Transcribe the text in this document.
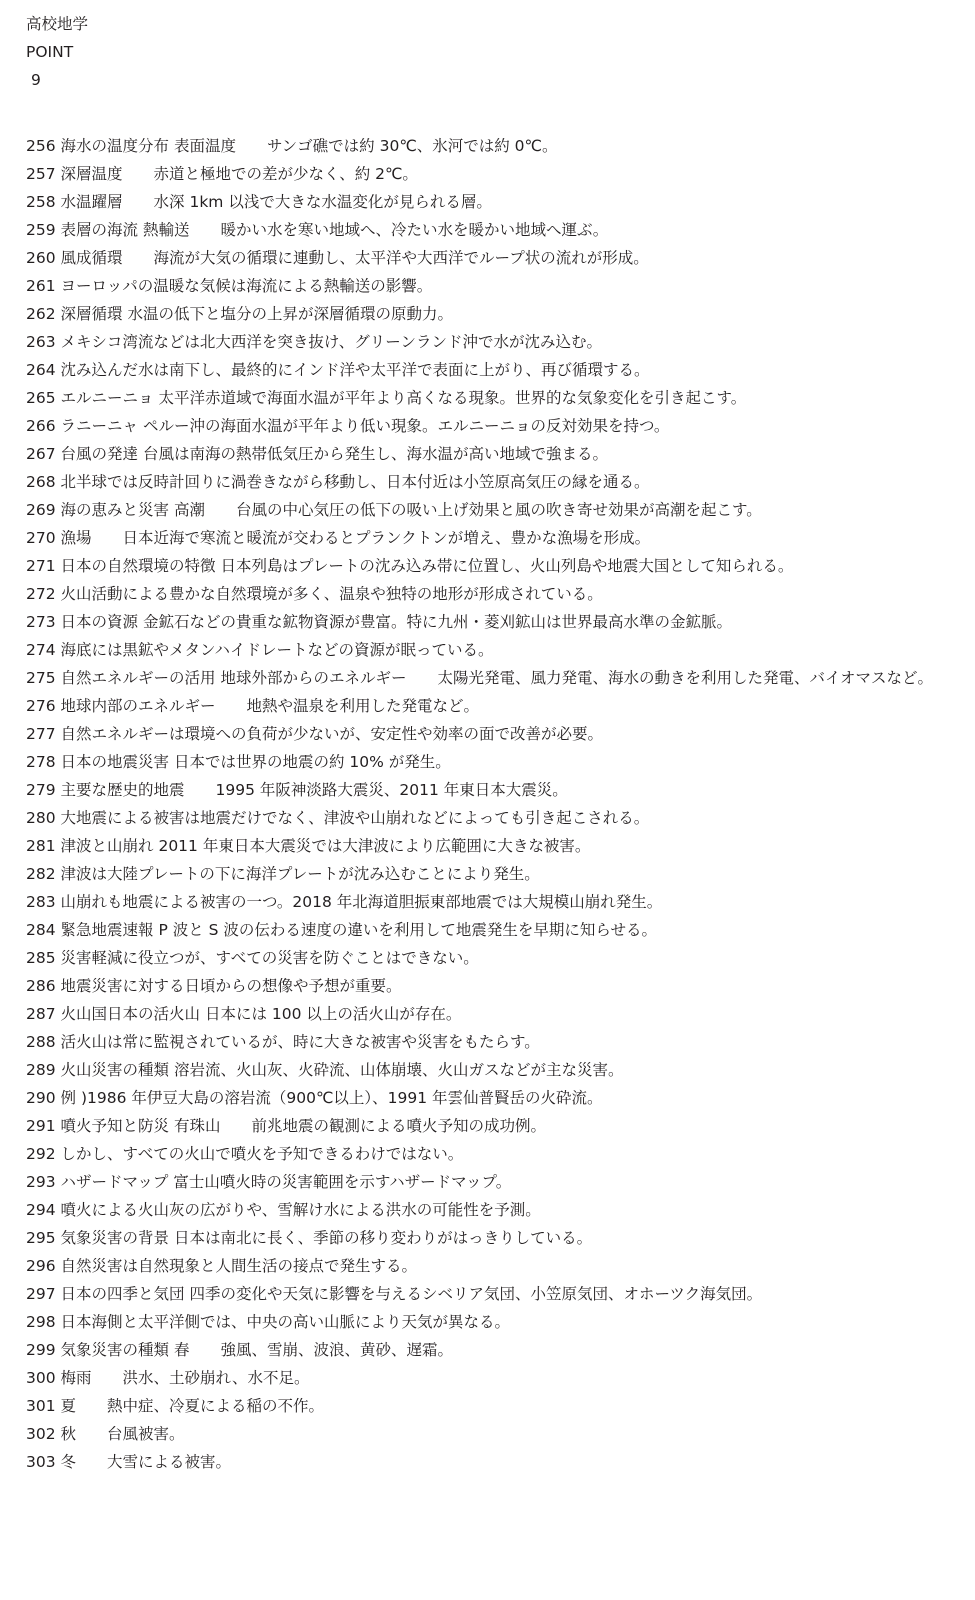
高校地学
POINT
9
256 海水の温度分布 表面温度　　サンゴ礁では約 30℃、氷河では約 0℃。
257 深層温度　　赤道と極地での差が少なく、約 2℃。
258 水温躍層　　水深 1km 以浅で大きな水温変化が見られる層。
259 表層の海流 熱輸送　　暖かい水を寒い地域へ、冷たい水を暖かい地域へ運ぶ。
260 風成循環　　海流が大気の循環に連動し、太平洋や大西洋でループ状の流れが形成。
261 ヨーロッパの温暖な気候は海流による熱輸送の影響。
262 深層循環 水温の低下と塩分の上昇が深層循環の原動力。
263 メキシコ湾流などは北大西洋を突き抜け、グリーンランド沖で水が沈み込む。
264 沈み込んだ水は南下し、最終的にインド洋や太平洋で表面に上がり、再び循環する。
265 エルニーニョ 太平洋赤道域で海面水温が平年より高くなる現象。世界的な気象変化を引き起こす。
266 ラニーニャ ペルー沖の海面水温が平年より低い現象。エルニーニョの反対効果を持つ。
267 台風の発達 台風は南海の熱帯低気圧から発生し、海水温が高い地域で強まる。
268 北半球では反時計回りに渦巻きながら移動し、日本付近は小笠原高気圧の縁を通る。
269 海の恵みと災害 高潮　　台風の中心気圧の低下の吸い上げ効果と風の吹き寄せ効果が高潮を起こす。
270 漁場　　日本近海で寒流と暖流が交わるとプランクトンが増え、豊かな漁場を形成。
271 日本の自然環境の特徴 日本列島はプレートの沈み込み帯に位置し、火山列島や地震大国として知られる。
272 火山活動による豊かな自然環境が多く、温泉や独特の地形が形成されている。
273 日本の資源 金鉱石などの貴重な鉱物資源が豊富。特に九州・菱刈鉱山は世界最高水準の金鉱脈。
274 海底には黒鉱やメタンハイドレートなどの資源が眠っている。
275 自然エネルギーの活用 地球外部からのエネルギー　　太陽光発電、風力発電、海水の動きを利用した発電、バイオマスなど。
276 地球内部のエネルギー　　地熱や温泉を利用した発電など。
277 自然エネルギーは環境への負荷が少ないが、安定性や効率の面で改善が必要。
278 日本の地震災害 日本では世界の地震の約 10% が発生。
279 主要な歴史的地震　　1995 年阪神淡路大震災、2011 年東日本大震災。
280 大地震による被害は地震だけでなく、津波や山崩れなどによっても引き起こされる。
281 津波と山崩れ 2011 年東日本大震災では大津波により広範囲に大きな被害。
282 津波は大陸プレートの下に海洋プレートが沈み込むことにより発生。
283 山崩れも地震による被害の一つ。2018 年北海道胆振東部地震では大規模山崩れ発生。
284 緊急地震速報 P 波と S 波の伝わる速度の違いを利用して地震発生を早期に知らせる。
285 災害軽減に役立つが、すべての災害を防ぐことはできない。
286 地震災害に対する日頃からの想像や予想が重要。
287 火山国日本の活火山 日本には 100 以上の活火山が存在。
288 活火山は常に監視されているが、時に大きな被害や災害をもたらす。
289 火山災害の種類 溶岩流、火山灰、火砕流、山体崩壊、火山ガスなどが主な災害。
290 例 )1986 年伊豆大島の溶岩流（900℃以上）、1991 年雲仙普賢岳の火砕流。
291 噴火予知と防災 有珠山　　前兆地震の観測による噴火予知の成功例。
292 しかし、すべての火山で噴火を予知できるわけではない。
293 ハザードマップ 富士山噴火時の災害範囲を示すハザードマップ。
294 噴火による火山灰の広がりや、雪解け水による洪水の可能性を予測。
295 気象災害の背景 日本は南北に長く、季節の移り変わりがはっきりしている。
296 自然災害は自然現象と人間生活の接点で発生する。
297 日本の四季と気団 四季の変化や天気に影響を与えるシベリア気団、小笠原気団、オホーツク海気団。
298 日本海側と太平洋側では、中央の高い山脈により天気が異なる。
299 気象災害の種類 春　　強風、雪崩、波浪、黄砂、遅霜。
300 梅雨　　洪水、土砂崩れ、水不足。
301 夏　　熱中症、冷夏による稲の不作。
302 秋　　台風被害。
303 冬　　大雪による被害。
